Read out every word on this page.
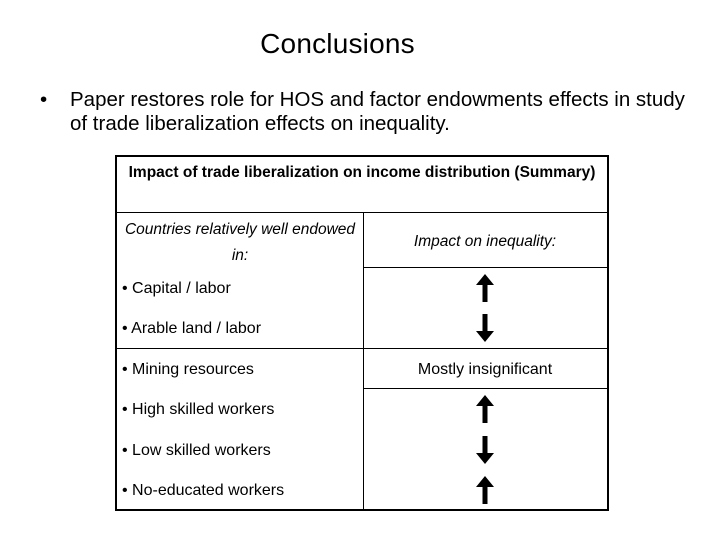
Conclusions
• Paper restores role for HOS and factor endowments effects in study of trade liberalization effects on inequality.
Impact of trade liberalization on income distribution (Summary)
Countries relatively well endowed in:
Impact on inequality:
• Capital / labor
• Arable land / labor
• Mining resources	Mostly insignificant
• High skilled workers
• Low skilled workers
• No-educated workers
